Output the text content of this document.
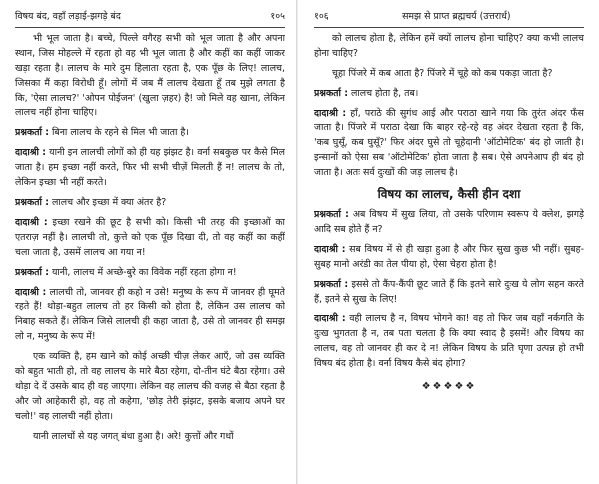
विषय बंद, वहाँ लड़ाई-झगड़े बंद	१०५

भी भूल जाता है। बच्चे, पिल्ले वगैरह सभी को भूल जाता है और अपना स्थान, जिस मोहल्ले में रहता हो वह भी भूल जाता है और कहीं का कहीं जाकर खड़ा रहता है। लालच के मारे दुम हिलाता रहता है, एक पूँछ के लिए! लालच, जिसका मैं कहा विरोधी हूँ। लोगों में जब मैं लालच देखता हूँ तब मुझे लगता है कि, 'ऐसा लालच?' 'ओपन पोईजन' (खुला ज़हर) है! जो मिले वह खाना, लेकिन लालच नहीं होना चाहिए।

प्रश्नकर्ता : बिना लालच के रहने से मिल भी जाता है।

दादाश्री : यानी इन लालची लोगों को ही यह झंझट है। वर्ना सबकुछ पर कैसे मिल जाता है। हम इच्छा नहीं करते, फिर भी सभी चीज़ें मिलती हैं न! लालच के तो, लेकिन इच्छा भी नहीं करते।

प्रश्नकर्ता : लालच और इच्छा में क्या अंतर है?

दादाश्री : इच्छा रखने की छूट है सभी को। किसी भी तरह की इच्छाओं का एतराज़ नहीं है। लालची तो, कुत्ते को एक पूँछ दिखा दी, तो वह कहीं का कहीं चला जाता है, उसमें लालच आ गया न!

प्रश्नकर्ता : यानी, लालच में अच्छे-बुरे का विवेक नहीं रहता होगा न!

दादाश्री : लालची तो, जानवर ही कहो न उसे! मनुष्य के रूप में जानवर ही घूमते रहते हैं! थोड़ा-बहुत लालच तो हर किसी को होता है, लेकिन उस लालच को निबाह सकते हैं। लेकिन जिसे लालची ही कहा जाता है, उसे तो जानवर ही समझ लो न, मनुष्य के रूप में!

एक व्यक्ति है, हम खाने को कोई अच्छी चीज़ लेकर आएँ, जो उस व्यक्ति को बहुत भाती हो, तो वह लालच के मारे बैठा रहेगा, दो-तीन घंटे बैठा रहेगा। उसे थोड़ा दे दें उसके बाद ही वह जाएगा। लेकिन वह लालच की वजह से बैठा रहता है और जो आहेकारी हो, वह तो कहेगा, 'छोड़ तेरी झंझट, इसके बजाय अपने घर चलो!' वह लालची नहीं होता।

यानी लालचों से यह जगत् बंधा हुआ है। अरे! कुत्तों और गधों

१०६	समझ से प्राप्त ब्रह्मचर्य (उत्तरार्ध)

को लालच होता है, लेकिन हमें क्यों लालच होना चाहिए? क्या कभी लालच होना चाहिए?

चूहा पिंजरे में कब आता है? पिंजरे में चूहे को कब पकड़ा जाता है?

प्रश्नकर्ता : लालच होता है, तब।

दादाश्री : हाँ, पराठे की सुगंध आई और पराठा खाने गया कि तुरंत अंदर फँस जाता है। पिंजरे में पराठा देखा कि बाहर रहे-रहे वह अंदर देखता रहता है कि, 'कब घुसूँ, कब घुसूँ?' फिर अंदर घुसे तो चूहेदानी 'ऑटोमेटिक' बंद हो जाती है। इन्सानों को ऐसा सब 'ऑटोमेटिक' होता जाता है सब। ऐसे अपनेआप ही बंद हो जाता है। अतः सर्व दुःखों की जड़ लालच है।

विषय का लालच, कैसी हीन दशा

प्रश्नकर्ता : अब विषय में सुख लिया, तो उसके परिणाम स्वरूप ये क्लेश, झगड़े आदि सब होते हैं न?

दादाश्री : सब विषय में से ही खड़ा हुआ है और फिर सुख कुछ भी नहीं। सुबह-सुबह मानो अरंडी का तेल पीया हो, ऐसा चेहरा होता है!

प्रश्नकर्ता : इससे तो कैंप-कैंपी छूट जाते हैं कि इतने सारे दुःख ये लोग सहन करते हैं, इतने से सुख के लिए!

दादाश्री : वही लालच है न, विषय भोगने का! वह तो फिर जब वहाँ नर्कगति के दुःख भुगतता है न, तब पता चलता है कि क्या स्वाद है इसमें! और विषय का लालच, वह तो जानवर ही कर दे न! लेकिन विषय के प्रति घृणा उत्पन्न हो तभी विषय बंद होता है। वर्ना विषय कैसे बंद होगा?

❖❖❖❖❖
